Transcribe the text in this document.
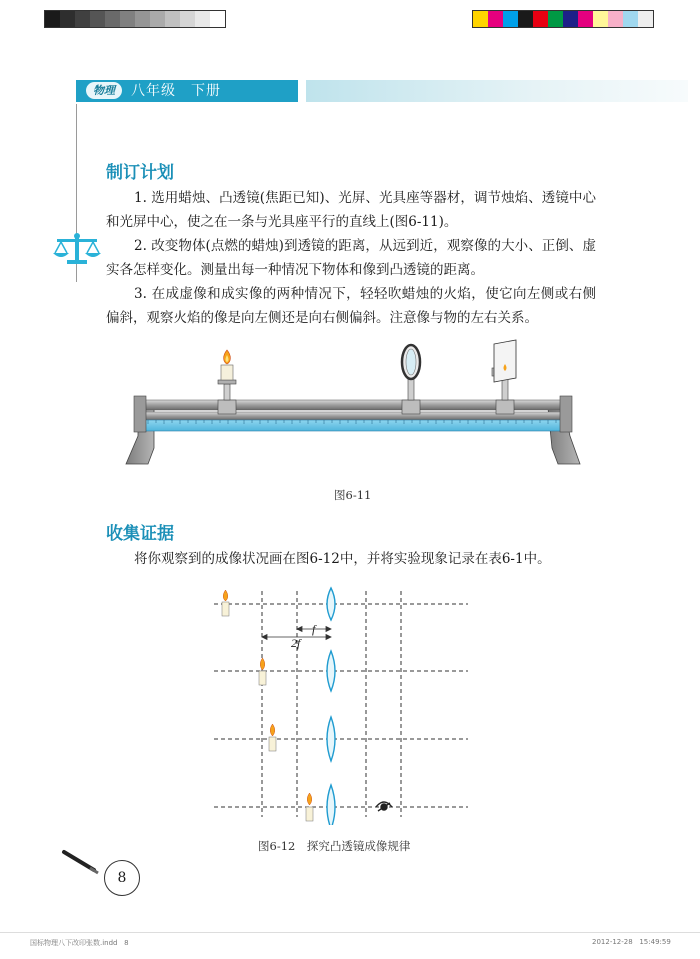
物理	八年级　下册
制订计划
1. 选用蜡烛、凸透镜(焦距已知)、光屏、光具座等器材，调节烛焰、透镜中心和光屏中心，使之在一条与光具座平行的直线上(图6-11)。
2. 改变物体(点燃的蜡烛)到透镜的距离，从远到近，观察像的大小、正倒、虚实各怎样变化。测量出每一种情况下物体和像到凸透镜的距离。
3. 在成虚像和成实像的两种情况下，轻轻吹蜡烛的火焰，使它向左侧或右侧偏斜，观察火焰的像是向左侧还是向右侧偏斜。注意像与物的左右关系。
图6-11
收集证据
将你观察到的成像状况画在图6-12中，并将实验现象记录在表6-1中。
2f
f
图6-12　探究凸透镜成像规律
8
国标物理八下改印张数.indd   8	2012-12-28   15:49:59
